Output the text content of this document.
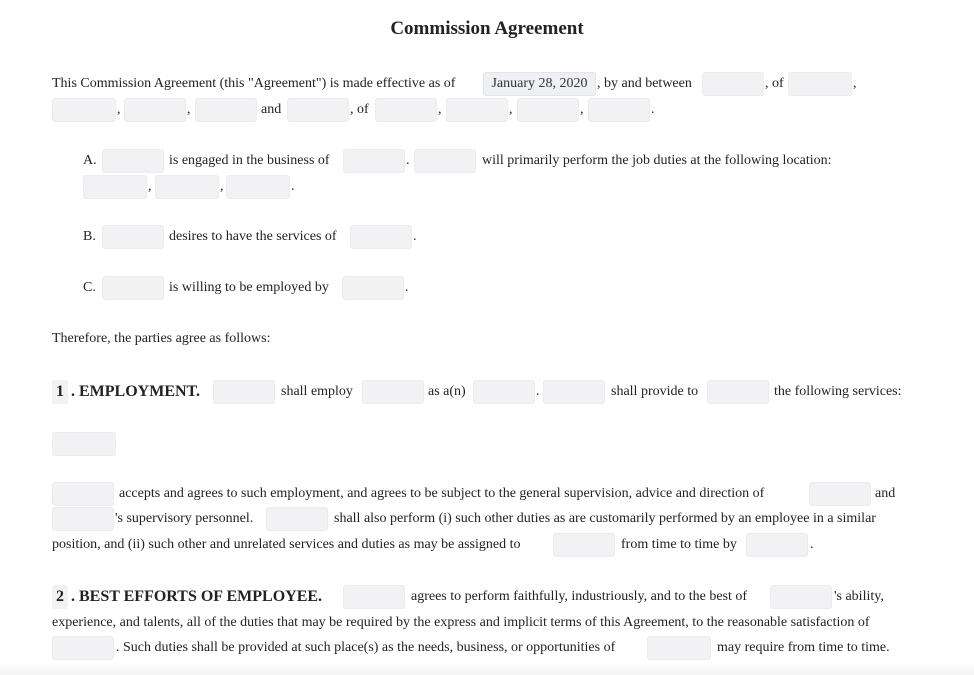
Commission Agreement
This Commission Agreement (this "Agreement") is made effective as of	January 28, 2020 , by and between	, of	,
,	,	and	, of	,	,	,	.
A.	is engaged in the business of	.	will primarily perform the job duties at the following location:
,	,	.
B.	desires to have the services of	.
C.	is willing to be employed by	.
Therefore, the parties agree as follows:
1 . EMPLOYMENT.	shall employ	as a(n)	.	shall provide to	the following services:
accepts and agrees to such employment, and agrees to be subject to the general supervision, advice and direction of	and
's supervisory personnel.	shall also perform (i) such other duties as are customarily performed by an employee in a similar
position, and (ii) such other and unrelated services and duties as may be assigned to	from time to time by	.
2 . BEST EFFORTS OF EMPLOYEE.	agrees to perform faithfully, industriously, and to the best of	's ability,
experience, and talents, all of the duties that may be required by the express and implicit terms of this Agreement, to the reasonable satisfaction of
. Such duties shall be provided at such place(s) as the needs, business, or opportunities of	may require from time to time.
